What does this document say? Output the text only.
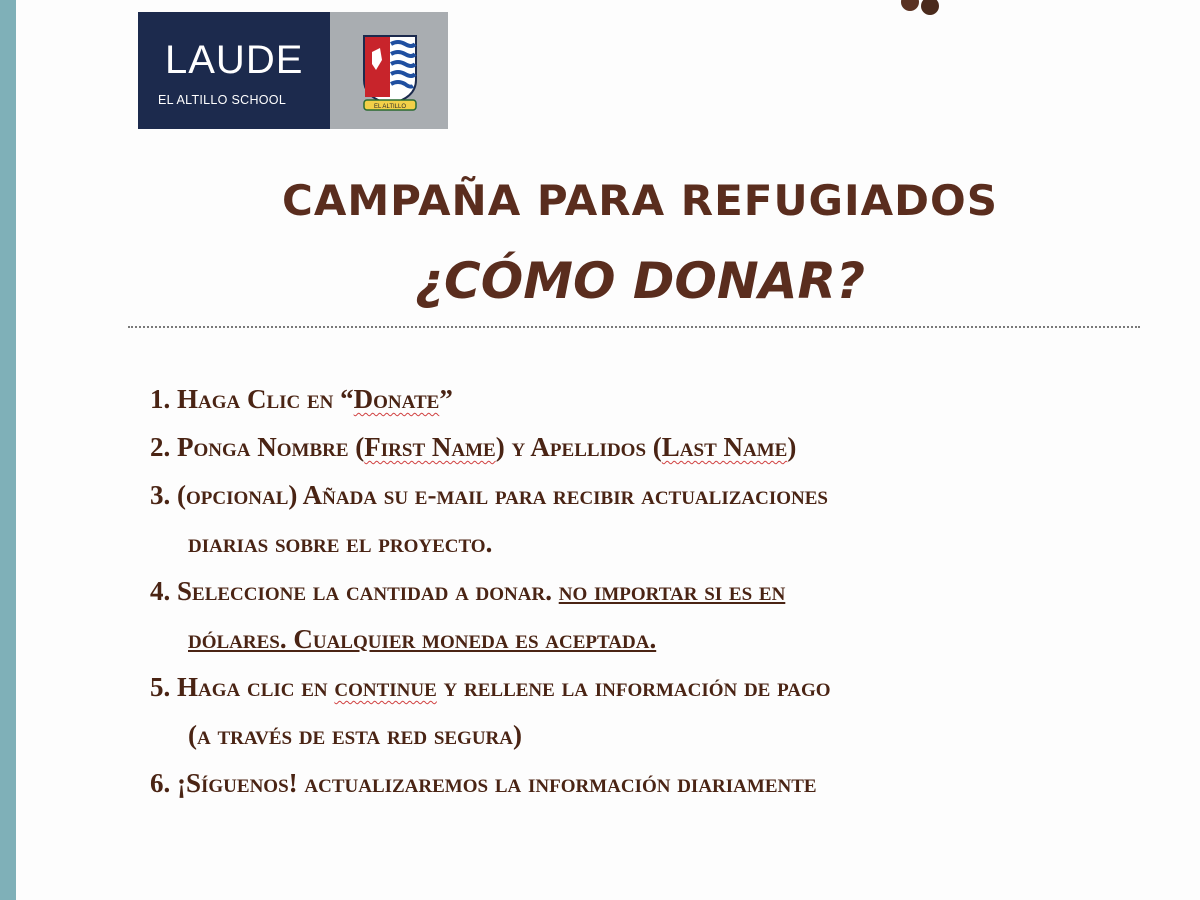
LAUDE
EL ALTILLO SCHOOL	EL ALTILLO
CAMPAÑA PARA REFUGIADOS
¿CÓMO DONAR?

1. Haga Clic en “Donate”

2. Ponga Nombre (First Name) y Apellidos (Last Name)

3. (opcional) Añada su e-mail para recibir actualizaciones

diarias sobre el proyecto.

4. Seleccione la cantidad a donar. no importar si es en

dólares. Cualquier moneda es aceptada.

5. Haga clic en continue y rellene la información de pago

(a través de esta red segura)

6. ¡Síguenos! actualizaremos la información diariamente
